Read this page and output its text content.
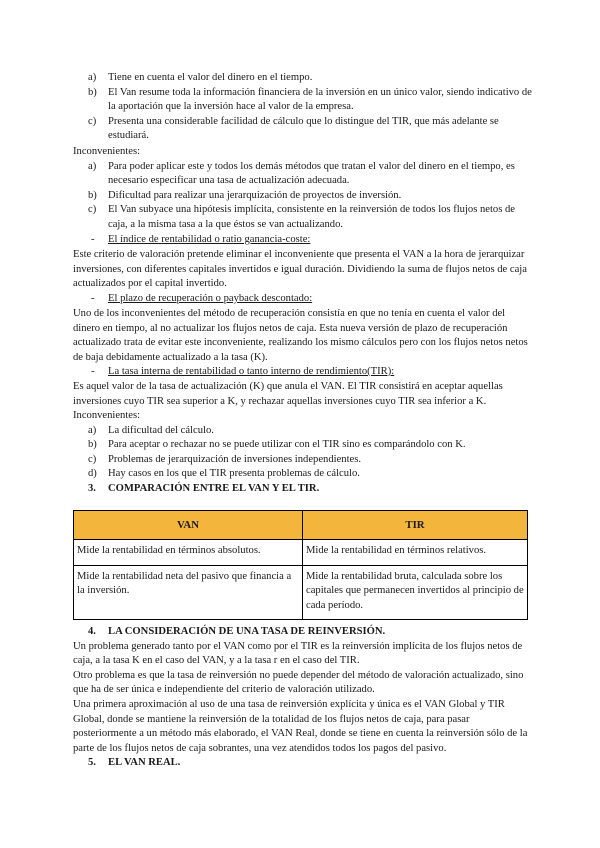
a) Tiene en cuenta el valor del dinero en el tiempo.
b) El Van resume toda la información financiera de la inversión en un único valor, siendo indicativo de la aportación que la inversión hace al valor de la empresa.
c) Presenta una considerable facilidad de cálculo que lo distingue del TIR, que más adelante se estudiará.
Inconvenientes:
a) Para poder aplicar este y todos los demás métodos que tratan el valor del dinero en el tiempo, es necesario especificar una tasa de actualización adecuada.
b) Dificultad para realizar una jerarquización de proyectos de inversión.
c) El Van subyace una hipótesis implícita, consistente en la reinversión de todos los flujos netos de caja, a la misma tasa a la que éstos se van actualizando.
- El índice de rentabilidad o ratio ganancia-coste:
Este criterio de valoración pretende eliminar el inconveniente que presenta el VAN a la hora de jerarquizar inversiones, con diferentes capitales invertidos e igual duración. Dividiendo la suma de flujos netos de caja actualizados por el capital invertido.
- El plazo de recuperación o payback descontado:
Uno de los inconvenientes del método de recuperación consistía en que no tenía en cuenta el valor del dinero en tiempo, al no actualizar los flujos netos de caja. Esta nueva versión de plazo de recuperación actualizado trata de evitar este inconveniente, realizando los mismo cálculos pero con los flujos netos netos de baja debidamente actualizado a la tasa (K).
- La tasa interna de rentabilidad o tanto interno de rendimiento(TIR):
Es aquel valor de la tasa de actualización (K) que anula el VAN. El TIR consistirá en aceptar aquellas inversiones cuyo TIR sea superior a K, y rechazar aquellas inversiones cuyo TIR sea inferior a K.
Inconvenientes:
a) La dificultad del cálculo.
b) Para aceptar o rechazar no se puede utilizar con el TIR sino es comparándolo con K.
c) Problemas de jerarquización de inversiones independientes.
d) Hay casos en los que el TIR presenta problemas de cálculo.
3. COMPARACIÓN ENTRE EL VAN Y EL TIR.
VAN	TIR
Mide la rentabilidad en términos absolutos.	Mide la rentabilidad en términos relativos.
Mide la rentabilidad neta del pasivo que financia a la inversión.	Mide la rentabilidad bruta, calculada sobre los capitales que permanecen invertidos al principio de cada período.
4. LA CONSIDERACIÓN DE UNA TASA DE REINVERSIÓN.
Un problema generado tanto por el VAN como por el TIR es la reinversión implícita de los flujos netos de caja, a la tasa K en el caso del VAN, y a la tasa r en el caso del TIR.
Otro problema es que la tasa de reinversión no puede depender del método de valoración actualizado, sino que ha de ser única e independiente del criterio de valoración utilizado.
Una primera aproximación al uso de una tasa de reinversión explícita y única es el VAN Global y TIR Global, donde se mantiene la reinversión de la totalidad de los flujos netos de caja, para pasar posteriormente a un método más elaborado, el VAN Real, donde se tiene en cuenta la reinversión sólo de la parte de los flujos netos de caja sobrantes, una vez atendidos todos los pagos del pasivo.
5. EL VAN REAL.
